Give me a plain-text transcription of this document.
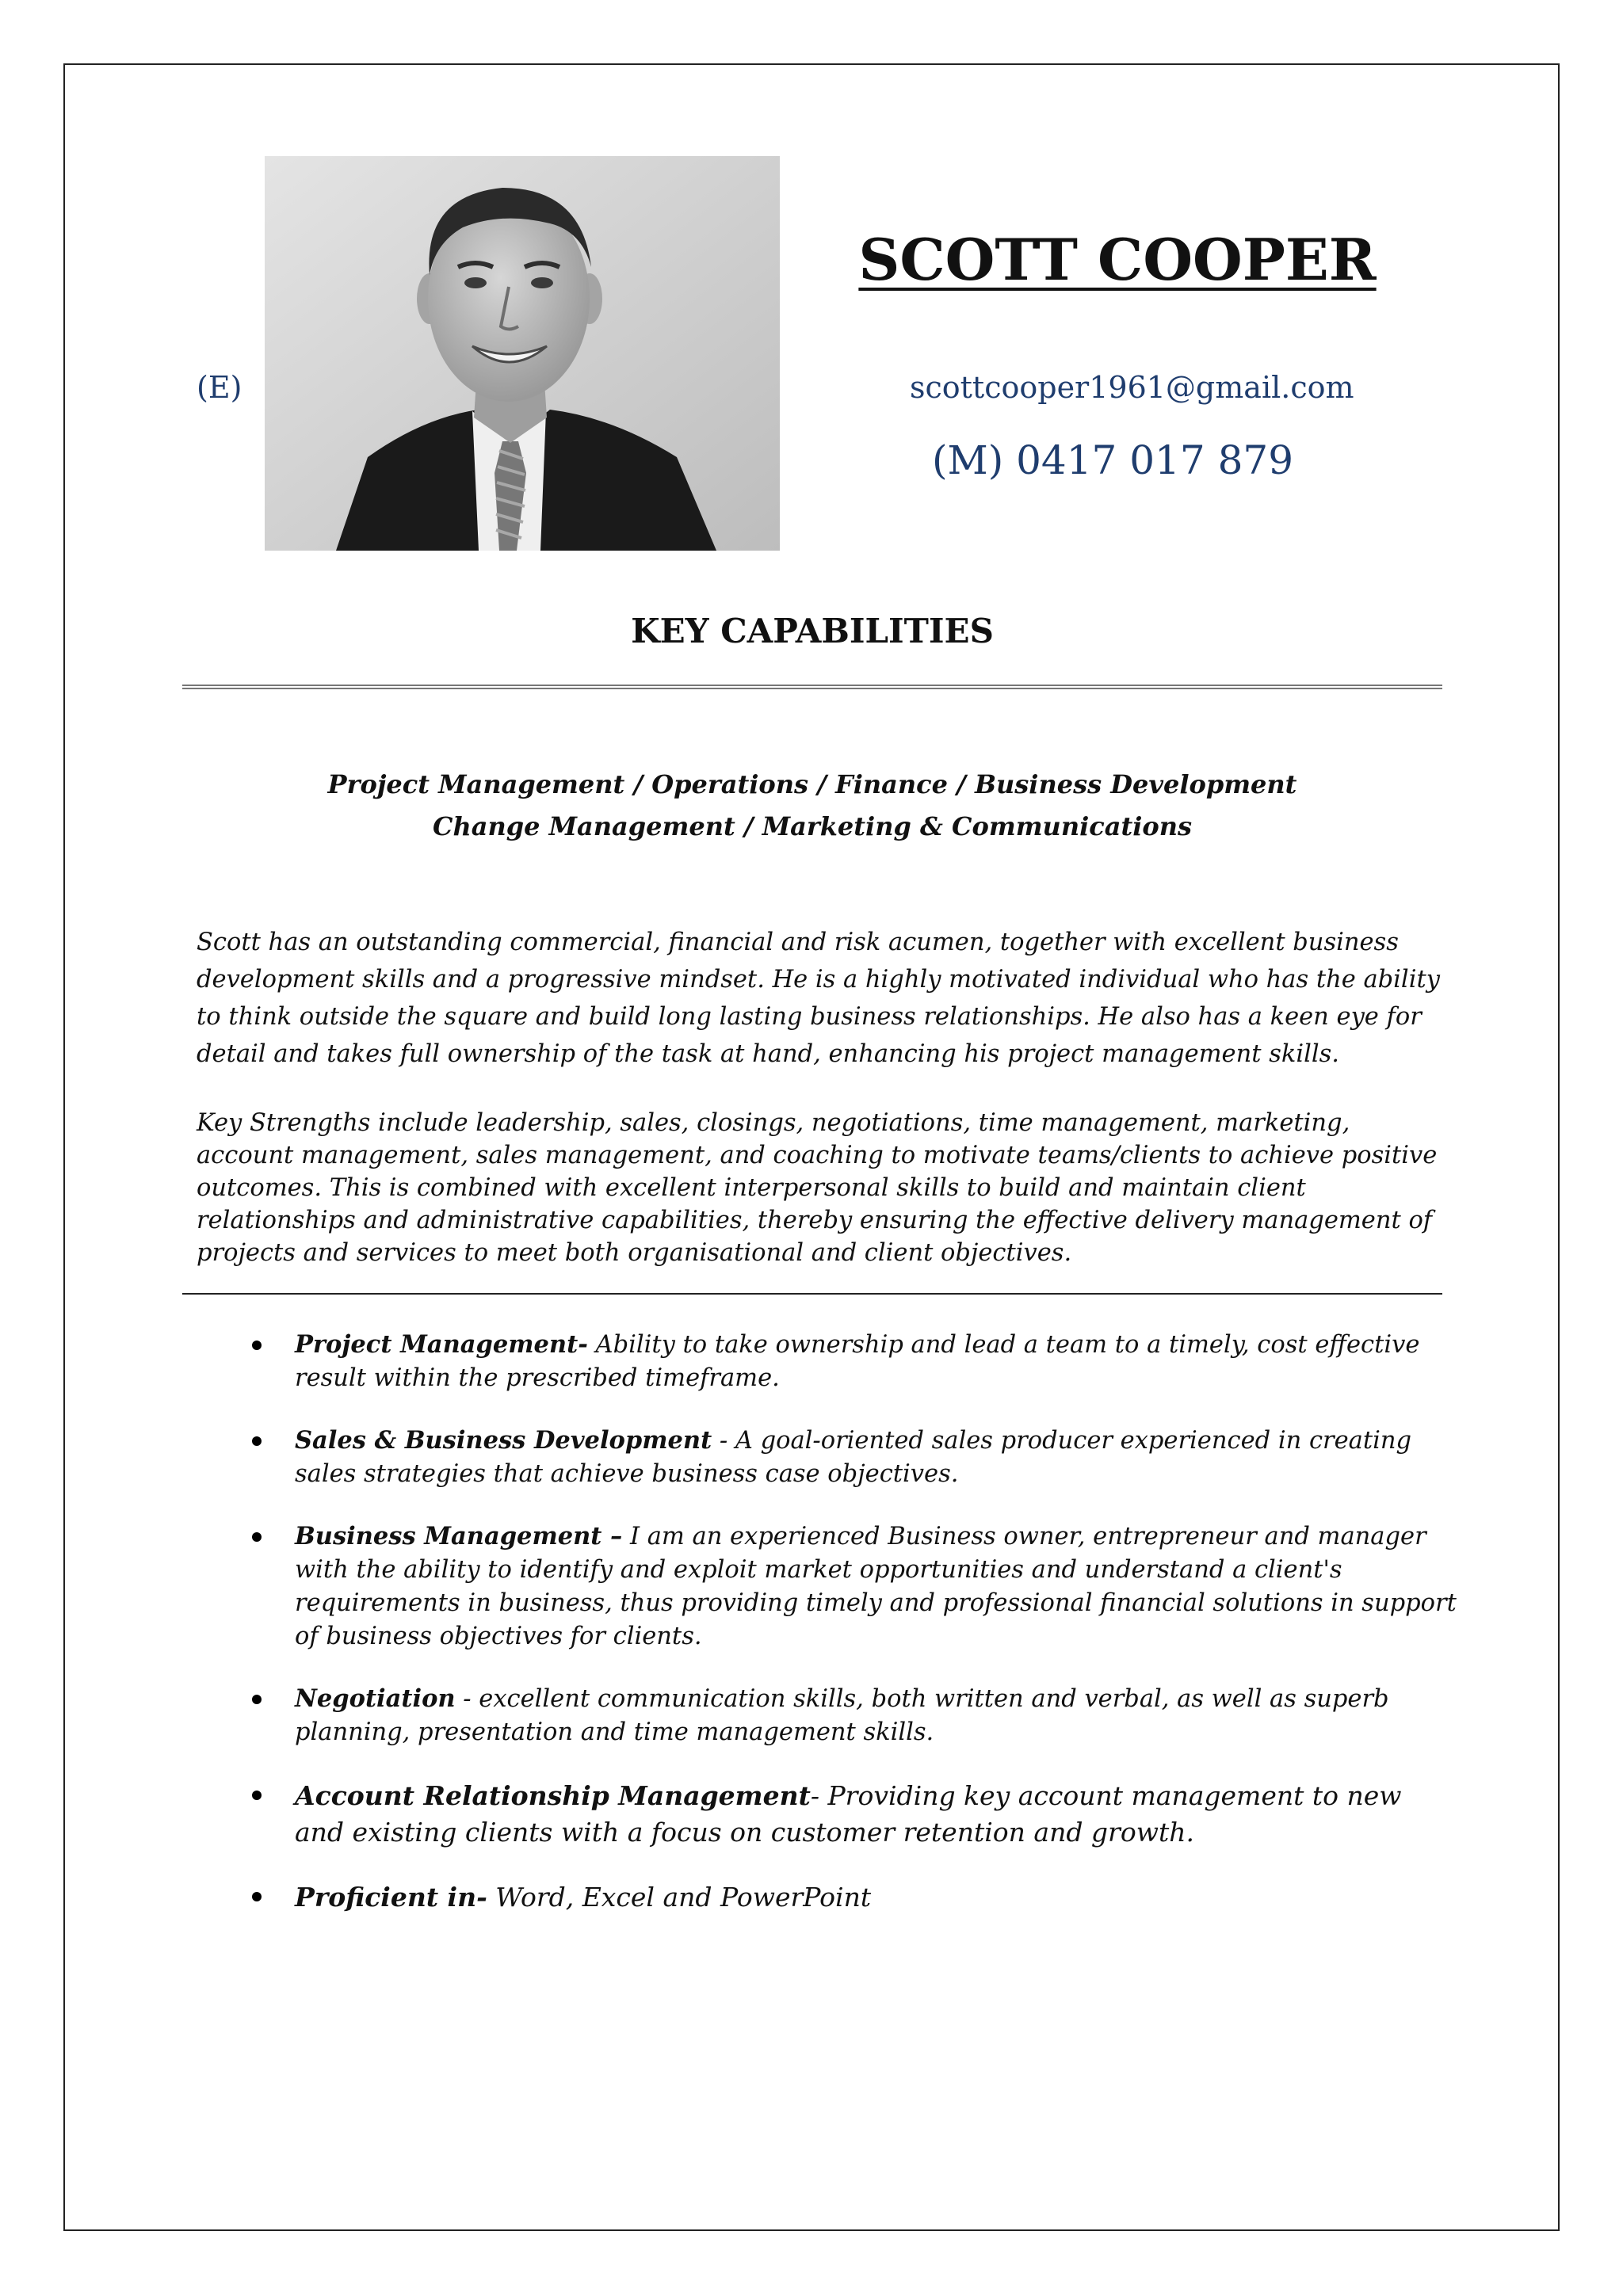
SCOTT COOPER
(E)	scottcooper1961@gmail.com
(M) 0417 017 879
KEY CAPABILITIES
Project Management / Operations / Finance / Business Development
Change Management / Marketing & Communications

Scott has an outstanding commercial, financial and risk acumen, together with excellent business development skills and a progressive mindset. He is a highly motivated individual who has the ability to think outside the square and build long lasting business relationships. He also has a keen eye for detail and takes full ownership of the task at hand, enhancing his project management skills.

Key Strengths include leadership, sales, closings, negotiations, time management, marketing, account management, sales management, and coaching to motivate teams/clients to achieve positive outcomes. This is combined with excellent interpersonal skills to build and maintain client relationships and administrative capabilities, thereby ensuring the effective delivery management of projects and services to meet both organisational and client objectives.

Project Management- Ability to take ownership and lead a team to a timely, cost effective result within the prescribed timeframe.
Sales & Business Development - A goal-oriented sales producer experienced in creating sales strategies that achieve business case objectives.
Business Management – I am an experienced Business owner, entrepreneur and manager with the ability to identify and exploit market opportunities and understand a client's requirements in business, thus providing timely and professional financial solutions in support of business objectives for clients.
Negotiation - excellent communication skills, both written and verbal, as well as superb planning, presentation and time management skills.
Account Relationship Management- Providing key account management to new and existing clients with a focus on customer retention and growth.
Proficient in- Word, Excel and PowerPoint
